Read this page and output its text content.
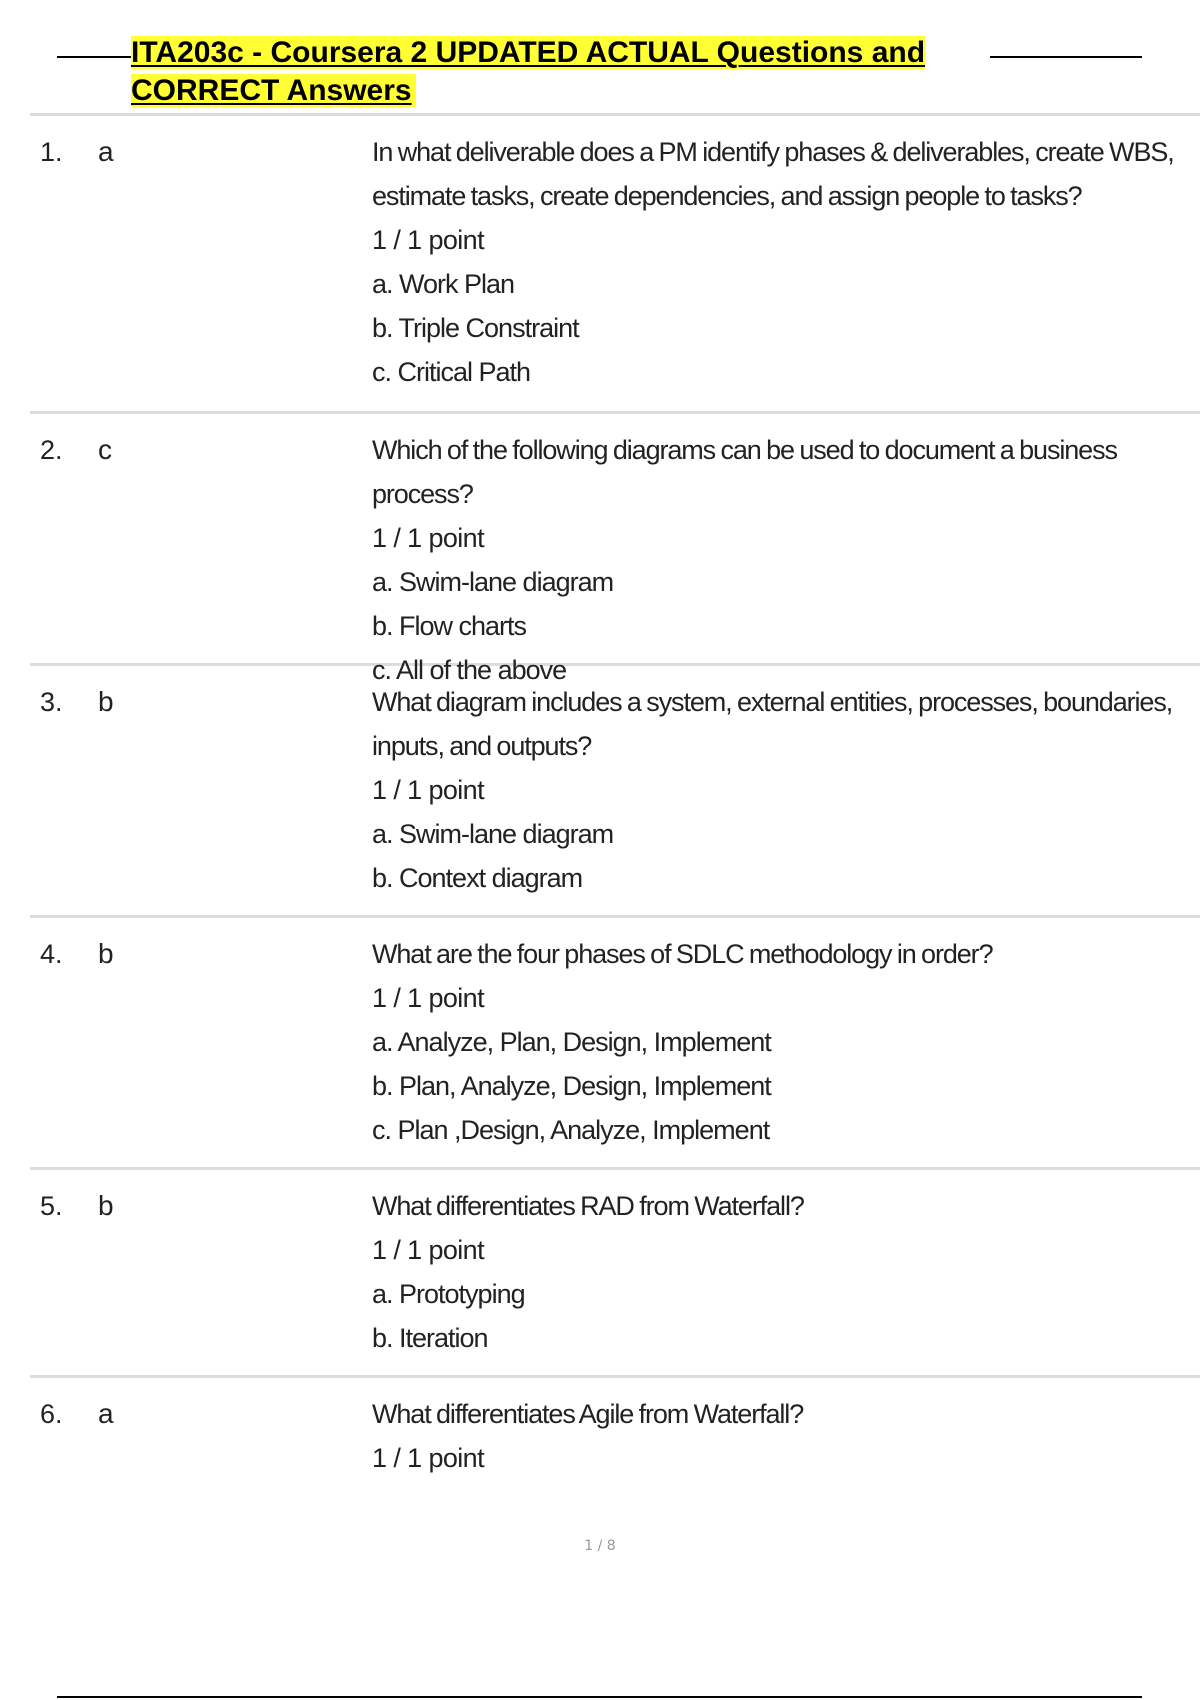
ITA203c - Coursera 2 UPDATED ACTUAL Questions and CORRECT Answers
1. a	In what deliverable does a PM identify phases & deliverables, create WBS, estimate tasks, create dependencies, and assign people to tasks?
1 / 1 point
a. Work Plan
b. Triple Constraint
c. Critical Path
2. c	Which of the following diagrams can be used to document a business process?
1 / 1 point
a. Swim-lane diagram
b. Flow charts
c. All of the above
3. b	What diagram includes a system, external entities, processes, boundaries, inputs, and outputs?
1 / 1 point
a. Swim-lane diagram
b. Context diagram
4. b	What are the four phases of SDLC methodology in order?
1 / 1 point
a. Analyze, Plan, Design, Implement
b. Plan, Analyze, Design, Implement
c. Plan ,Design, Analyze, Implement
5. b	What differentiates RAD from Waterfall?
1 / 1 point
a. Prototyping
b. Iteration
6. a	What differentiates Agile from Waterfall?
1 / 1 point
1 / 8
